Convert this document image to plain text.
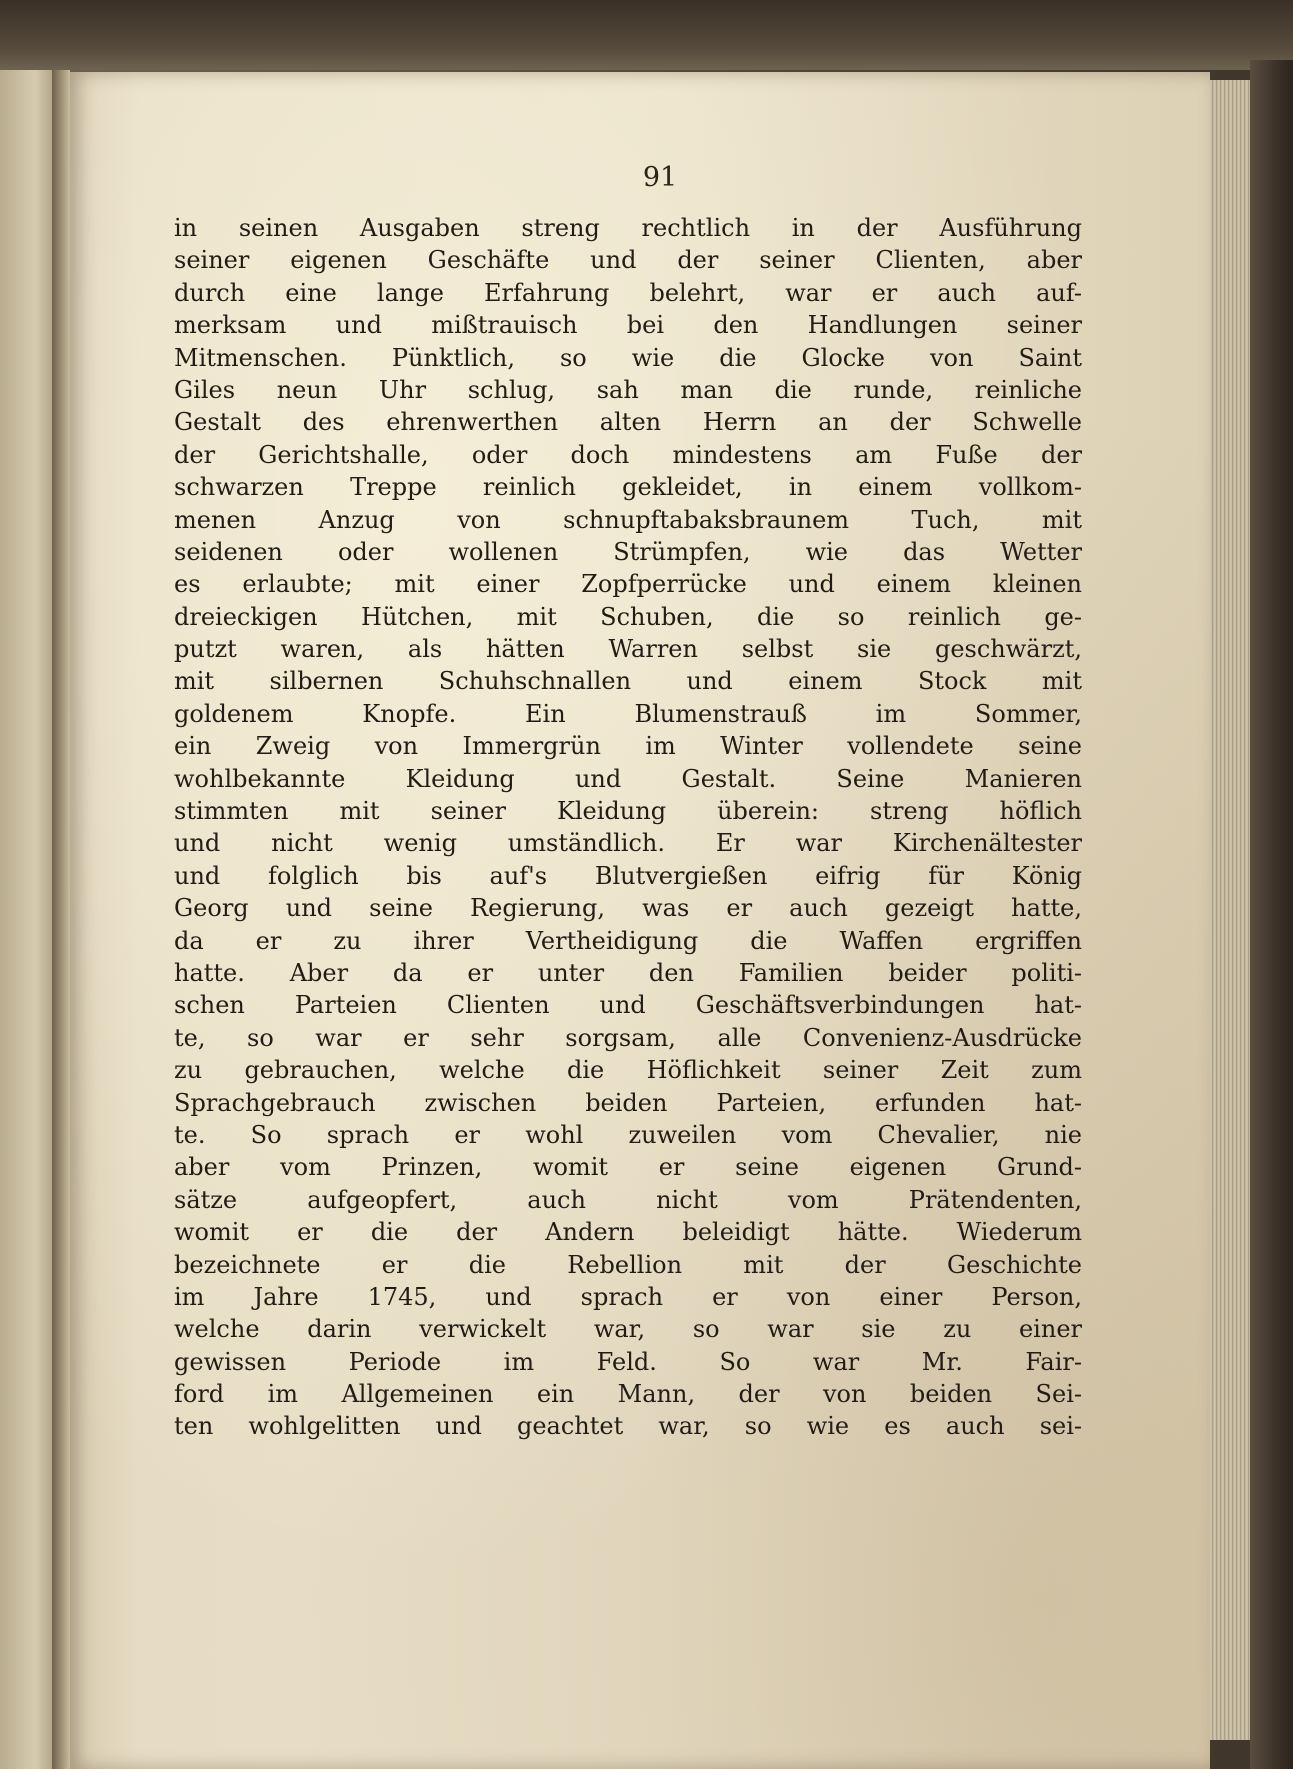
91
in seinen Ausgaben streng rechtlich in der Ausführung
seiner eigenen Geschäfte und der seiner Clienten, aber
durch eine lange Erfahrung belehrt, war er auch auf-
merksam und mißtrauisch bei den Handlungen seiner
Mitmenschen. Pünktlich, so wie die Glocke von Saint
Giles neun Uhr schlug, sah man die runde, reinliche
Gestalt des ehrenwerthen alten Herrn an der Schwelle
der Gerichtshalle, oder doch mindestens am Fuße der
schwarzen Treppe reinlich gekleidet, in einem vollkom-
menen Anzug von schnupftabaksbraunem Tuch, mit
seidenen oder wollenen Strümpfen, wie das Wetter
es erlaubte; mit einer Zopfperrücke und einem kleinen
dreieckigen Hütchen, mit Schuben, die so reinlich ge-
putzt waren, als hätten Warren selbst sie geschwärzt,
mit silbernen Schuhschnallen und einem Stock mit
goldenem Knopfe. Ein Blumenstrauß im Sommer,
ein Zweig von Immergrün im Winter vollendete seine
wohlbekannte Kleidung und Gestalt. Seine Manieren
stimmten mit seiner Kleidung überein: streng höflich
und nicht wenig umständlich. Er war Kirchenältester
und folglich bis auf's Blutvergießen eifrig für König
Georg und seine Regierung, was er auch gezeigt hatte,
da er zu ihrer Vertheidigung die Waffen ergriffen
hatte. Aber da er unter den Familien beider politi-
schen Parteien Clienten und Geschäftsverbindungen hat-
te, so war er sehr sorgsam, alle Convenienz-Ausdrücke
zu gebrauchen, welche die Höflichkeit seiner Zeit zum
Sprachgebrauch zwischen beiden Parteien, erfunden hat-
te. So sprach er wohl zuweilen vom Chevalier, nie
aber vom Prinzen, womit er seine eigenen Grund-
sätze aufgeopfert, auch nicht vom Prätendenten,
womit er die der Andern beleidigt hätte. Wiederum
bezeichnete er die Rebellion mit der Geschichte
im Jahre 1745, und sprach er von einer Person,
welche darin verwickelt war, so war sie zu einer
gewissen Periode im Feld. So war Mr. Fair-
ford im Allgemeinen ein Mann, der von beiden Sei-
ten wohlgelitten und geachtet war, so wie es auch sei-
